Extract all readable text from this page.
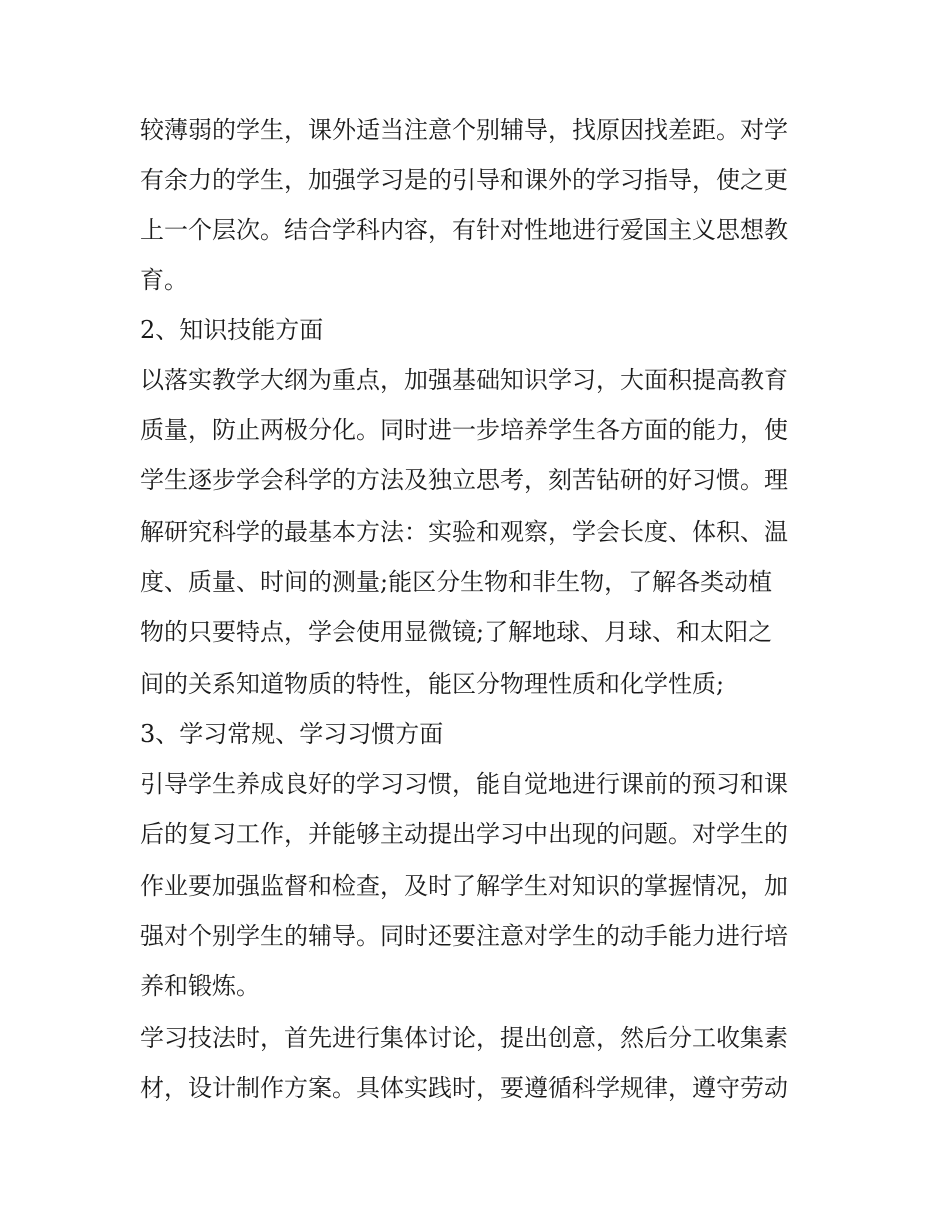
较薄弱的学生，课外适当注意个别辅导，找原因找差距。对学
有余力的学生，加强学习是的引导和课外的学习指导，使之更
上一个层次。结合学科内容，有针对性地进行爱国主义思想教
育。
2、知识技能方面
以落实教学大纲为重点，加强基础知识学习，大面积提高教育
质量，防止两极分化。同时进一步培养学生各方面的能力，使
学生逐步学会科学的方法及独立思考，刻苦钻研的好习惯。理
解研究科学的最基本方法：实验和观察，学会长度、体积、温
度、质量、时间的测量;能区分生物和非生物，了解各类动植
物的只要特点，学会使用显微镜;了解地球、月球、和太阳之
间的关系知道物质的特性，能区分物理性质和化学性质;
3、学习常规、学习习惯方面
引导学生养成良好的学习习惯，能自觉地进行课前的预习和课
后的复习工作，并能够主动提出学习中出现的问题。对学生的
作业要加强监督和检查，及时了解学生对知识的掌握情况，加
强对个别学生的辅导。同时还要注意对学生的动手能力进行培
养和锻炼。
学习技法时，首先进行集体讨论，提出创意，然后分工收集素
材，设计制作方案。具体实践时，要遵循科学规律，遵守劳动
